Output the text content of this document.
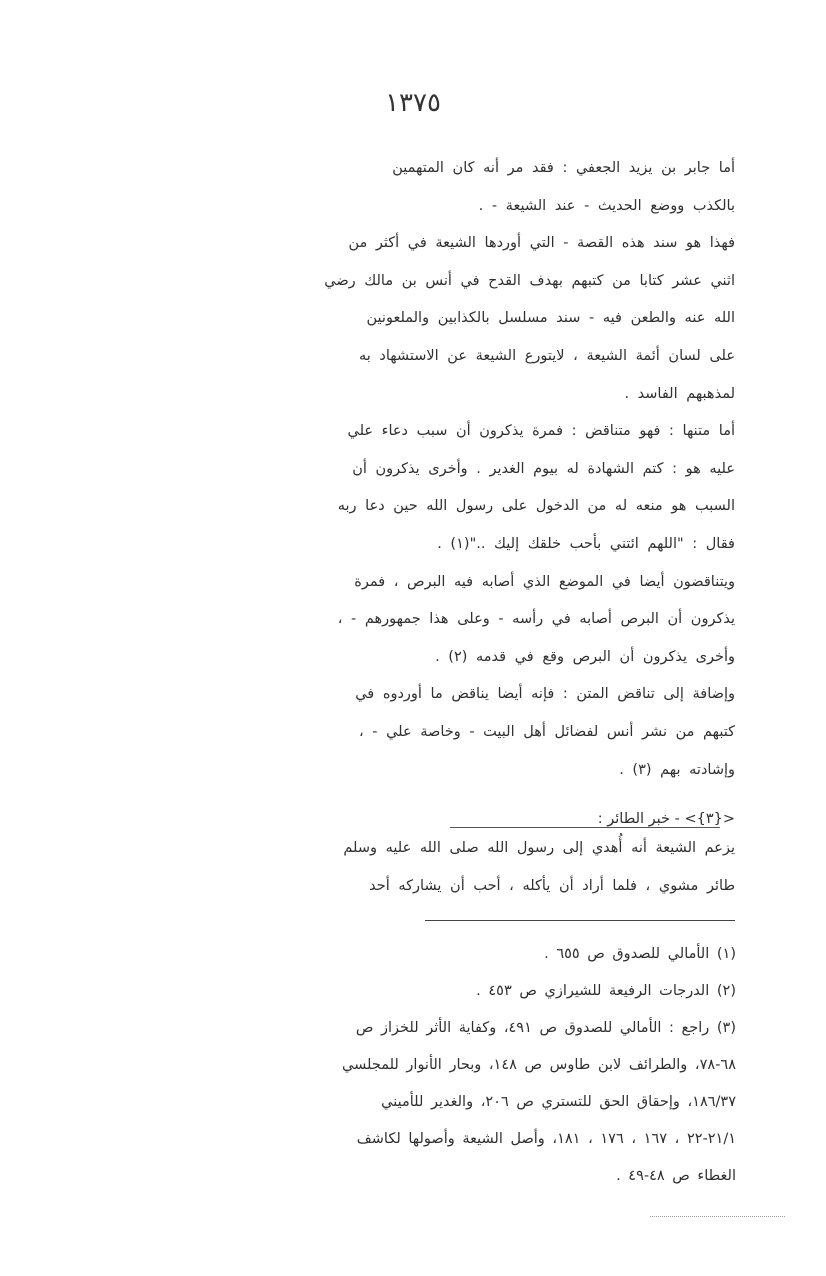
١٣٧٥
أما جابر بن يزيد الجعفي : فقد مر أنه كان المتهمين
بالكذب ووضع الحديث - عند الشيعة - .
فهذا هو سند هذه القصة - التي أوردها الشيعة في أكثر من
اثني عشر كتابا من كتبهم بهدف القدح في أنس بن مالك رضي
الله عنه والطعن فيه - سند مسلسل بالكذابين والملعونين
على لسان أئمة الشيعة ، لايتورع الشيعة عن الاستشهاد به
لمذهبهم الفاسد .
أما متنها : فهو متناقض : فمرة يذكرون أن سبب دعاء علي
عليه هو : كتم الشهادة له بيوم الغدير . وأخرى يذكرون أن
السبب هو منعه له من الدخول على رسول الله حين دعا ربه
فقال : "اللهم ائتني بأحب خلقك إليك .."(١) .
ويتناقضون أيضا في الموضع الذي أصابه فيه البرص ، فمرة
يذكرون أن البرص أصابه في رأسه - وعلى هذا جمهورهم - ،
وأخرى يذكرون أن البرص وقع في قدمه (٢) .
وإضافة إلى تناقض المتن : فإنه أيضا يناقض ما أوردوه في
كتبهم من نشر أنس لفضائل أهل البيت - وخاصة علي - ،
وإشادته بهم (٣) .
<{٣}> - خبر الطائر :
يزعم الشيعة أنه أُهدي إلى رسول الله صلى الله عليه وسلم
طائر مشوي ، فلما أراد أن يأكله ، أحب أن يشاركه أحد
(١) الأمالي للصدوق ص ٦٥٥ .
(٢) الدرجات الرفيعة للشيرازي ص ٤٥٣ .
(٣) راجع : الأمالي للصدوق ص ٤٩١، وكفاية الأثر للخزاز ص
٦٨-٧٨، والطرائف لابن طاوس ص ١٤٨، وبحار الأنوار للمجلسي
١٨٦/٣٧، وإحقاق الحق للتستري ص ٢٠٦، والغدير للأميني
٢١/١-٢٢ ، ١٦٧ ، ١٧٦ ، ١٨١، وأصل الشيعة وأصولها لكاشف
الغطاء ص ٤٨-٤٩ .
